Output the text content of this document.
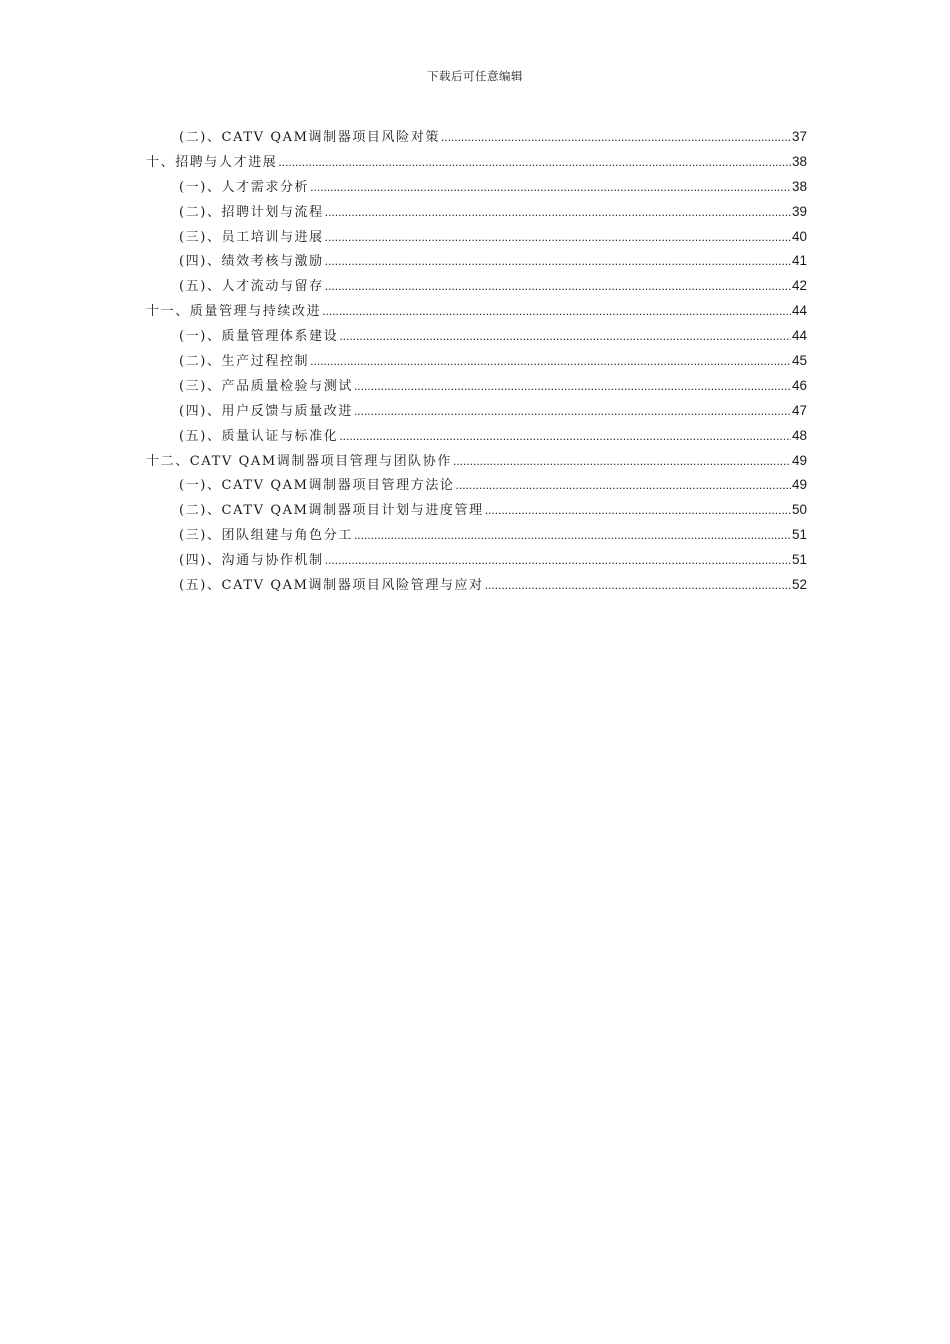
下载后可任意编辑
(二)、CATV QAM调制器项目风险对策 .....	37
十、招聘与人才进展 .....	38
(一)、人才需求分析 .....	38
(二)、招聘计划与流程 .....	39
(三)、员工培训与进展 .....	40
(四)、绩效考核与激励 .....	41
(五)、人才流动与留存 .....	42
十一、质量管理与持续改进 .....	44
(一)、质量管理体系建设 .....	44
(二)、生产过程控制 .....	45
(三)、产品质量检验与测试 .....	46
(四)、用户反馈与质量改进 .....	47
(五)、质量认证与标准化 .....	48
十二、CATV QAM调制器项目管理与团队协作 .....	49
(一)、CATV QAM调制器项目管理方法论 .....	49
(二)、CATV QAM调制器项目计划与进度管理 .....	50
(三)、团队组建与角色分工 .....	51
(四)、沟通与协作机制 .....	51
(五)、CATV QAM调制器项目风险管理与应对 .....	52
